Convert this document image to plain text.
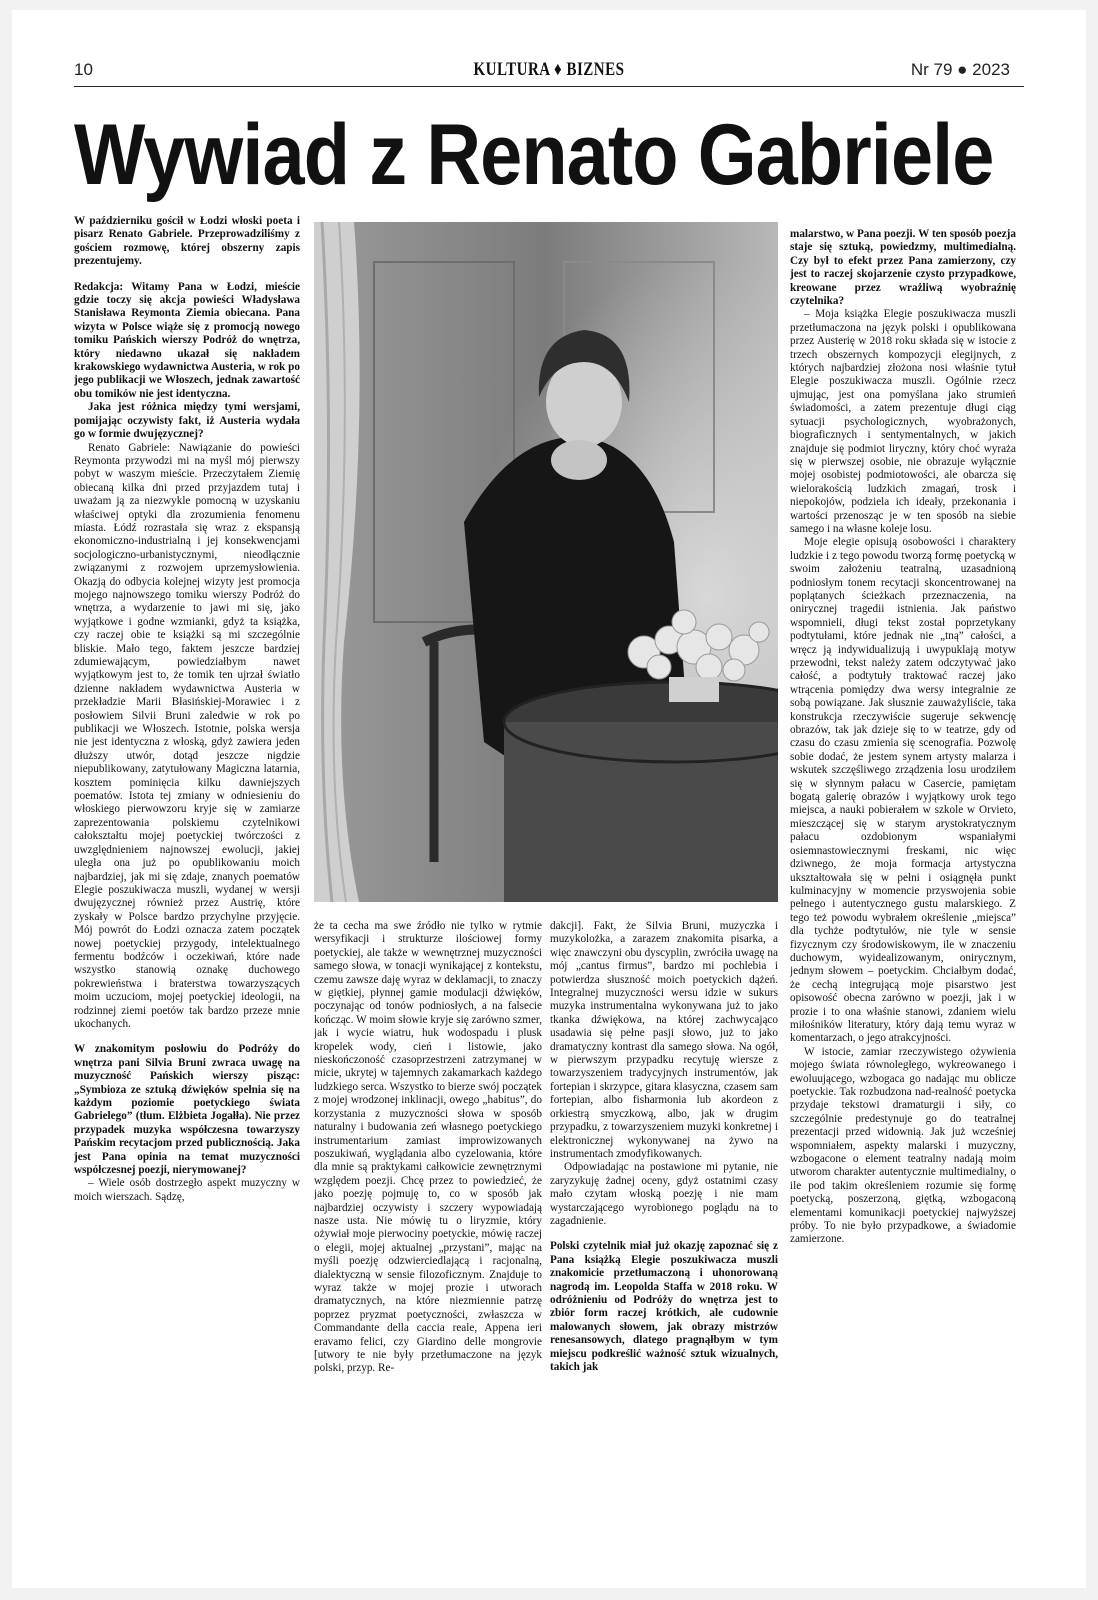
10	KULTURA ♦ BIZNES	Nr 79 ● 2023
Wywiad z Renato Gabriele

W październiku gościł w Łodzi włoski poeta i pisarz Renato Gabriele. Przeprowadziliśmy z gościem rozmowę, której obszerny zapis prezentujemy.

Redakcja: Witamy Pana w Łodzi, mieście gdzie toczy się akcja powieści Władysława Stanisława Reymonta Ziemia obiecana. Pana wizyta w Polsce wiąże się z promocją nowego tomiku Pańskich wierszy Podróż do wnętrza, który niedawno ukazał się nakładem krakowskiego wydawnictwa Austeria, w rok po jego publikacji we Włoszech, jednak zawartość obu tomików nie jest identyczna.

Jaka jest różnica między tymi wersjami, pomijając oczywisty fakt, iż Austeria wydała go w formie dwujęzycznej?

Renato Gabriele: Nawiązanie do powieści Reymonta przywodzi mi na myśl mój pierwszy pobyt w waszym mieście. Przeczytałem Ziemię obiecaną kilka dni przed przyjazdem tutaj i uważam ją za niezwykle pomocną w uzyskaniu właściwej optyki dla zrozumienia fenomenu miasta. Łódź rozrastała się wraz z ekspansją ekonomiczno-industrialną i jej konsekwencjami socjologiczno-urbanistycznymi, nieodłącznie związanymi z rozwojem uprzemysłowienia. Okazją do odbycia kolejnej wizyty jest promocja mojego najnowszego tomiku wierszy Podróż do wnętrza, a wydarzenie to jawi mi się, jako wyjątkowe i godne wzmianki, gdyż ta książka, czy raczej obie te książki są mi szczególnie bliskie. Mało tego, faktem jeszcze bardziej zdumiewającym, powiedziałbym nawet wyjątkowym jest to, że tomik ten ujrzał światło dzienne nakładem wydawnictwa Austeria w przekładzie Marii Błasińskiej-Morawiec i z posłowiem Silvii Bruni zaledwie w rok po publikacji we Włoszech. Istotnie, polska wersja nie jest identyczna z włoską, gdyż zawiera jeden dłuższy utwór, dotąd jeszcze nigdzie niepublikowany, zatytułowany Magiczna latarnia, kosztem pominięcia kilku dawniejszych poematów. Istota tej zmiany w odniesieniu do włoskiego pierwowzoru kryje się w zamiarze zaprezentowania polskiemu czytelnikowi całokształtu mojej poetyckiej twórczości z uwzględnieniem najnowszej ewolucji, jakiej uległa ona już po opublikowaniu moich najbardziej, jak mi się zdaje, znanych poematów Elegie poszukiwacza muszli, wydanej w wersji dwujęzycznej również przez Austrię, które zyskały w Polsce bardzo przychylne przyjęcie. Mój powrót do Łodzi oznacza zatem początek nowej poetyckiej przygody, intelektualnego fermentu bodźców i oczekiwań, które nade wszystko stanowią oznakę duchowego pokrewieństwa i braterstwa towarzyszących moim uczuciom, mojej poetyckiej ideologii, na rodzinnej ziemi poetów tak bardzo przeze mnie ukochanych.

W znakomitym posłowiu do Podróży do wnętrza pani Silvia Bruni zwraca uwagę na muzyczność Pańskich wierszy pisząc: „Symbioza ze sztuką dźwięków spełnia się na każdym poziomie poetyckiego świata Gabrielego” (tłum. Elżbieta Jogałła). Nie przez przypadek muzyka współczesna towarzyszy Pańskim recytacjom przed publicznością. Jaka jest Pana opinia na temat muzyczności współczesnej poezji, nierymowanej?

– Wiele osób dostrzegło aspekt muzyczny w moich wierszach. Sądzę,

że ta cecha ma swe źródło nie tylko w rytmie wersyfikacji i strukturze ilościowej formy poetyckiej, ale także w wewnętrznej muzyczności samego słowa, w tonacji wynikającej z kontekstu, czemu zawsze daję wyraz w deklamacji, to znaczy w giętkiej, płynnej gamie modulacji dźwięków, poczynając od tonów podniosłych, a na falsecie kończąc. W moim słowie kryje się zarówno szmer, jak i wycie wiatru, huk wodospadu i plusk kropelek wody, cień i listowie, jako nieskończoność czasoprzestrzeni zatrzymanej w micie, ukrytej w tajemnych zakamarkach każdego ludzkiego serca. Wszystko to bierze swój początek z mojej wrodzonej inklinacji, owego „habitus”, do korzystania z muzyczności słowa w sposób naturalny i budowania zeń własnego poetyckiego instrumentarium zamiast improwizowanych poszukiwań, wyglądania albo cyzelowania, które dla mnie są praktykami całkowicie zewnętrznymi względem poezji. Chcę przez to powiedzieć, że jako poezję pojmuję to, co w sposób jak najbardziej oczywisty i szczery wypowiadają nasze usta. Nie mówię tu o liryzmie, który ożywiał moje pierwociny poetyckie, mówię raczej o elegii, mojej aktualnej „przystani”, mając na myśli poezję odzwierciedlającą i racjonalną, dialektyczną w sensie filozoficznym. Znajduje to wyraz także w mojej prozie i utworach dramatycznych, na które niezmiennie patrzę poprzez pryzmat poetyczności, zwłaszcza w Commandante della caccia reale, Appena ieri eravamo felici, czy Giardino delle mongrovie [utwory te nie były przetłumaczone na język polski, przyp. Re-

dakcji]. Fakt, że Silvia Bruni, muzyczka i muzykolożka, a zarazem znakomita pisarka, a więc znawczyni obu dyscyplin, zwróciła uwagę na mój „cantus firmus”, bardzo mi pochlebia i potwierdza słuszność moich poetyckich dążeń. Integralnej muzyczności wersu idzie w sukurs muzyka instrumentalna wykonywana już to jako tkanka dźwiękowa, na której zachwycająco usadawia się pełne pasji słowo, już to jako dramatyczny kontrast dla samego słowa. Na ogół, w pierwszym przypadku recytuję wiersze z towarzyszeniem tradycyjnych instrumentów, jak fortepian i skrzypce, gitara klasyczna, czasem sam fortepian, albo fisharmonia lub akordeon z orkiestrą smyczkową, albo, jak w drugim przypadku, z towarzyszeniem muzyki konkretnej i elektronicznej wykonywanej na żywo na instrumentach zmodyfikowanych.

Odpowiadając na postawione mi pytanie, nie zaryzykuję żadnej oceny, gdyż ostatnimi czasy mało czytam włoską poezję i nie mam wystarczającego wyrobionego poglądu na to zagadnienie.

Polski czytelnik miał już okazję zapoznać się z Pana książką Elegie poszukiwacza muszli znakomicie przetłumaczoną i uhonorowaną nagrodą im. Leopolda Staffa w 2018 roku. W odróżnieniu od Podróży do wnętrza jest to zbiór form raczej krótkich, ale cudownie malowanych słowem, jak obrazy mistrzów renesansowych, dlatego pragnąłbym w tym miejscu podkreślić ważność sztuk wizualnych, takich jak

malarstwo, w Pana poezji. W ten sposób poezja staje się sztuką, powiedzmy, multimedialną. Czy był to efekt przez Pana zamierzony, czy jest to raczej skojarzenie czysto przypadkowe, kreowane przez wrażliwą wyobraźnię czytelnika?

– Moja książka Elegie poszukiwacza muszli przetłumaczona na język polski i opublikowana przez Austerię w 2018 roku składa się w istocie z trzech obszernych kompozycji elegijnych, z których najbardziej złożona nosi właśnie tytuł Elegie poszukiwacza muszli. Ogólnie rzecz ujmując, jest ona pomyślana jako strumień świadomości, a zatem prezentuje długi ciąg sytuacji psychologicznych, wyobrażonych, biograficznych i sentymentalnych, w jakich znajduje się podmiot liryczny, który choć wyraża się w pierwszej osobie, nie obrazuje wyłącznie mojej osobistej podmiotowości, ale obarcza się wielorakością ludzkich zmagań, trosk i niepokojów, podziela ich ideały, przekonania i wartości przenosząc je w ten sposób na siebie samego i na własne koleje losu.

Moje elegie opisują osobowości i charaktery ludzkie i z tego powodu tworzą formę poetycką w swoim założeniu teatralną, uzasadnioną podniosłym tonem recytacji skoncentrowanej na poplątanych ścieżkach przeznaczenia, na onirycznej tragedii istnienia. Jak państwo wspomnieli, długi tekst został poprzetykany podtytułami, które jednak nie „tną” całości, a wręcz ją indywidualizują i uwypuklają motyw przewodni, tekst należy zatem odczytywać jako całość, a podtytuły traktować raczej jako wtrącenia pomiędzy dwa wersy integralnie ze sobą powiązane. Jak słusznie zauważyliście, taka konstrukcja rzeczywiście sugeruje sekwencję obrazów, tak jak dzieje się to w teatrze, gdy od czasu do czasu zmienia się scenografia. Pozwolę sobie dodać, że jestem synem artysty malarza i wskutek szczęśliwego zrządzenia losu urodziłem się w słynnym pałacu w Casercie, pamiętam bogatą galerię obrazów i wyjątkowy urok tego miejsca, a nauki pobierałem w szkole w Orvieto, mieszczącej się w starym arystokratycznym pałacu ozdobionym wspaniałymi osiemnastowiecznymi freskami, nic więc dziwnego, że moja formacja artystyczna ukształtowała się w pełni i osiągnęła punkt kulminacyjny w momencie przyswojenia sobie pełnego i autentycznego gustu malarskiego. Z tego też powodu wybrałem określenie „miejsca” dla tychże podtytułów, nie tyle w sensie fizycznym czy środowiskowym, ile w znaczeniu duchowym, wyidealizowanym, onirycznym, jednym słowem – poetyckim. Chciałbym dodać, że cechą integrującą moje pisarstwo jest opisowość obecna zarówno w poezji, jak i w prozie i to ona właśnie stanowi, zdaniem wielu miłośników literatury, który dają temu wyraz w komentarzach, o jego atrakcyjności.

W istocie, zamiar rzeczywistego ożywienia mojego świata równoległego, wykreowanego i ewoluującego, wzbogaca go nadając mu oblicze poetyckie. Tak rozbudzona nad-realność poetycka przydaje tekstowi dramaturgii i siły, co szczególnie predestynuje go do teatralnej prezentacji przed widownią. Jak już wcześniej wspomniałem, aspekty malarski i muzyczny, wzbogacone o element teatralny nadają moim utworom charakter autentycznie multimedialny, o ile pod takim określeniem rozumie się formę poetycką, poszerzoną, giętką, wzbogaconą elementami komunikacji poetyckiej najwyższej próby. To nie było przypadkowe, a świadomie zamierzone.
